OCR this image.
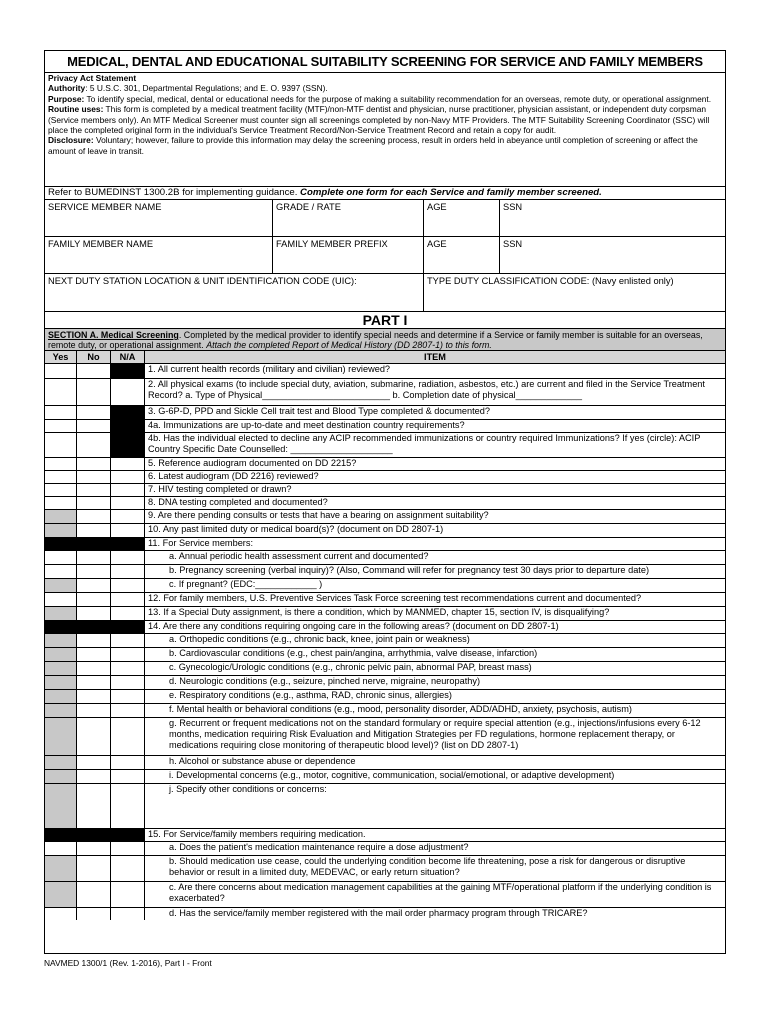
MEDICAL, DENTAL AND EDUCATIONAL SUITABILITY SCREENING FOR SERVICE AND FAMILY MEMBERS
Privacy Act Statement
Authority: 5 U.S.C. 301, Departmental Regulations; and E. O. 9397 (SSN).
Purpose: To identify special, medical, dental or educational needs for the purpose of making a suitability recommendation for an overseas, remote duty, or operational assignment.
Routine uses: This form is completed by a medical treatment facility (MTF)/non-MTF dentist and physician, nurse practitioner, physician assistant, or independent duty corpsman (Service members only). An MTF Medical Screener must counter sign all screenings completed by non-Navy MTF Providers. The MTF Suitability Screening Coordinator (SSC) will place the completed original form in the individual's Service Treatment Record/Non-Service Treatment Record and retain a copy for audit.
Disclosure: Voluntary; however, failure to provide this information may delay the screening process, result in orders held in abeyance until completion of screening or affect the amount of leave in transit.
Refer to BUMEDINST 1300.2B for implementing guidance. Complete one form for each Service and family member screened.
SERVICE MEMBER NAME	GRADE / RATE	AGE	SSN
FAMILY MEMBER NAME	FAMILY MEMBER PREFIX	AGE	SSN
NEXT DUTY STATION LOCATION & UNIT IDENTIFICATION CODE (UIC):	TYPE DUTY CLASSIFICATION CODE: (Navy enlisted only)
PART I
SECTION A. Medical Screening. Completed by the medical provider to identify special needs and determine if a Service or family member is suitable for an overseas, remote duty, or operational assignment. Attach the completed Report of Medical History (DD 2807-1) to this form.
Yes	No	N/A	ITEM
1. All current health records (military and civilian) reviewed?
2. All physical exams (to include special duty, aviation, submarine, radiation, asbestos, etc.) are current and filed in the Service Treatment Record? a. Type of Physical_________________________ b. Completion date of physical_____________
3. G-6P-D, PPD and Sickle Cell trait test and Blood Type completed & documented?
4a. Immunizations are up-to-date and meet destination country requirements?
4b. Has the individual elected to decline any ACIP recommended immunizations or country required Immunizations? If yes (circle): ACIP Country Specific Date Counselled: ____________________
5. Reference audiogram documented on DD 2215?
6. Latest audiogram (DD 2216) reviewed?
7. HIV testing completed or drawn?
8. DNA testing completed and documented?
9. Are there pending consults or tests that have a bearing on assignment suitability?
10. Any past limited duty or medical board(s)? (document on DD 2807-1)
11. For Service members:
a. Annual periodic health assessment current and documented?
b. Pregnancy screening (verbal inquiry)? (Also, Command will refer for pregnancy test 30 days prior to departure date)
c. If pregnant? (EDC:____________ )
12. For family members, U.S. Preventive Services Task Force screening test recommendations current and documented?
13. If a Special Duty assignment, is there a condition, which by MANMED, chapter 15, section IV, is disqualifying?
14. Are there any conditions requiring ongoing care in the following areas? (document on DD 2807-1)
a. Orthopedic conditions (e.g., chronic back, knee, joint pain or weakness)
b. Cardiovascular conditions (e.g., chest pain/angina, arrhythmia, valve disease, infarction)
c. Gynecologic/Urologic conditions (e.g., chronic pelvic pain, abnormal PAP, breast mass)
d. Neurologic conditions (e.g., seizure, pinched nerve, migraine, neuropathy)
e. Respiratory conditions (e.g., asthma, RAD, chronic sinus, allergies)
f. Mental health or behavioral conditions (e.g., mood, personality disorder, ADD/ADHD, anxiety, psychosis, autism)
g. Recurrent or frequent medications not on the standard formulary or require special attention (e.g., injections/infusions every 6-12 months, medication requiring Risk Evaluation and Mitigation Strategies per FD regulations, hormone replacement therapy, or medications requiring close monitoring of therapeutic blood level)? (list on DD 2807-1)
h. Alcohol or substance abuse or dependence
i. Developmental concerns (e.g., motor, cognitive, communication, social/emotional, or adaptive development)
j. Specify other conditions or concerns:
15. For Service/family members requiring medication.
a. Does the patient's medication maintenance require a dose adjustment?
b. Should medication use cease, could the underlying condition become life threatening, pose a risk for dangerous or disruptive behavior or result in a limited duty, MEDEVAC, or early return situation?
c. Are there concerns about medication management capabilities at the gaining MTF/operational platform if the underlying condition is exacerbated?
d. Has the service/family member registered with the mail order pharmacy program through TRICARE?
NAVMED 1300/1 (Rev. 1-2016), Part I - Front
